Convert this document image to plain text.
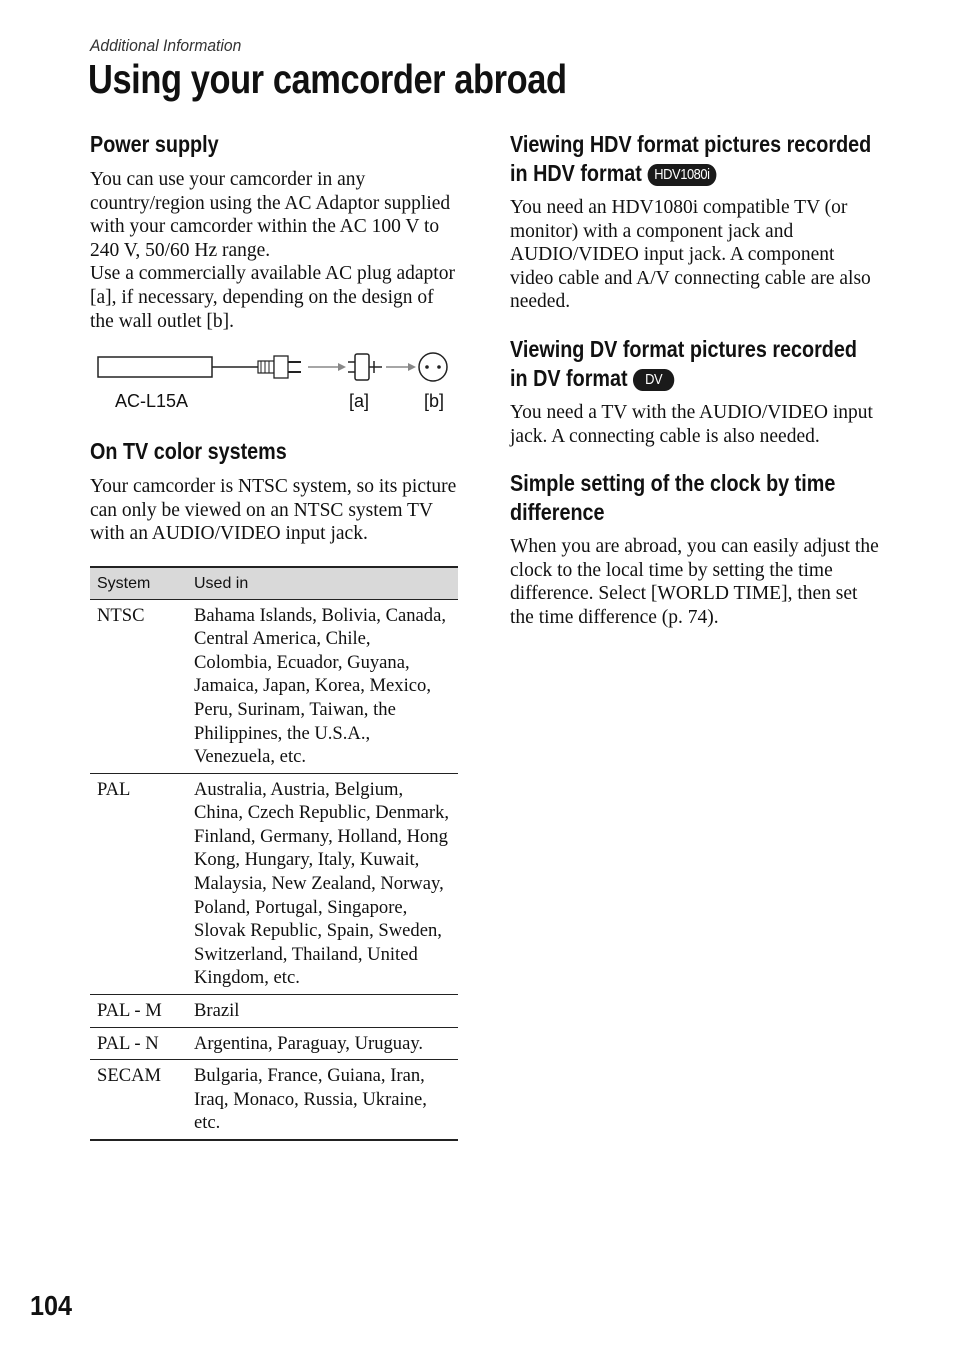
Additional Information
Using your camcorder abroad
Power supply

You can use your camcorder in any country/region using the AC Adaptor supplied with your camcorder within the AC 100 V to 240 V, 50/60 Hz range.

Use a commercially available AC plug adaptor [a], if necessary, depending on the design of the wall outlet [b].

AC-L15A	[a]	[b]
On TV color systems

Your camcorder is NTSC system, so its picture can only be viewed on an NTSC system TV with an AUDIO/VIDEO input jack.

System	Used in
NTSC	Bahama Islands, Bolivia, Canada, Central America, Chile, Colombia, Ecuador, Guyana, Jamaica, Japan, Korea, Mexico, Peru, Surinam, Taiwan, the Philippines, the U.S.A., Venezuela, etc.
PAL	Australia, Austria, Belgium, China, Czech Republic, Denmark, Finland, Germany, Holland, Hong Kong, Hungary, Italy, Kuwait, Malaysia, New Zealand, Norway, Poland, Portugal, Singapore, Slovak Republic, Spain, Sweden, Switzerland, Thailand, United Kingdom, etc.
PAL - M	Brazil
PAL - N	Argentina, Paraguay, Uruguay.
SECAM	Bulgaria, France, Guiana, Iran, Iraq, Monaco, Russia, Ukraine, etc.
Viewing HDV format pictures recorded
in HDV format HDV1080i

You need an HDV1080i compatible TV (or monitor) with a component jack and AUDIO/VIDEO input jack. A component video cable and A/V connecting cable are also needed.

Viewing DV format pictures recorded
in DV format DV

You need a TV with the AUDIO/VIDEO input jack. A connecting cable is also needed.

Simple setting of the clock by time
difference

When you are abroad, you can easily adjust the clock to the local time by setting the time difference. Select [WORLD TIME], then set the time difference (p. 74).

104
